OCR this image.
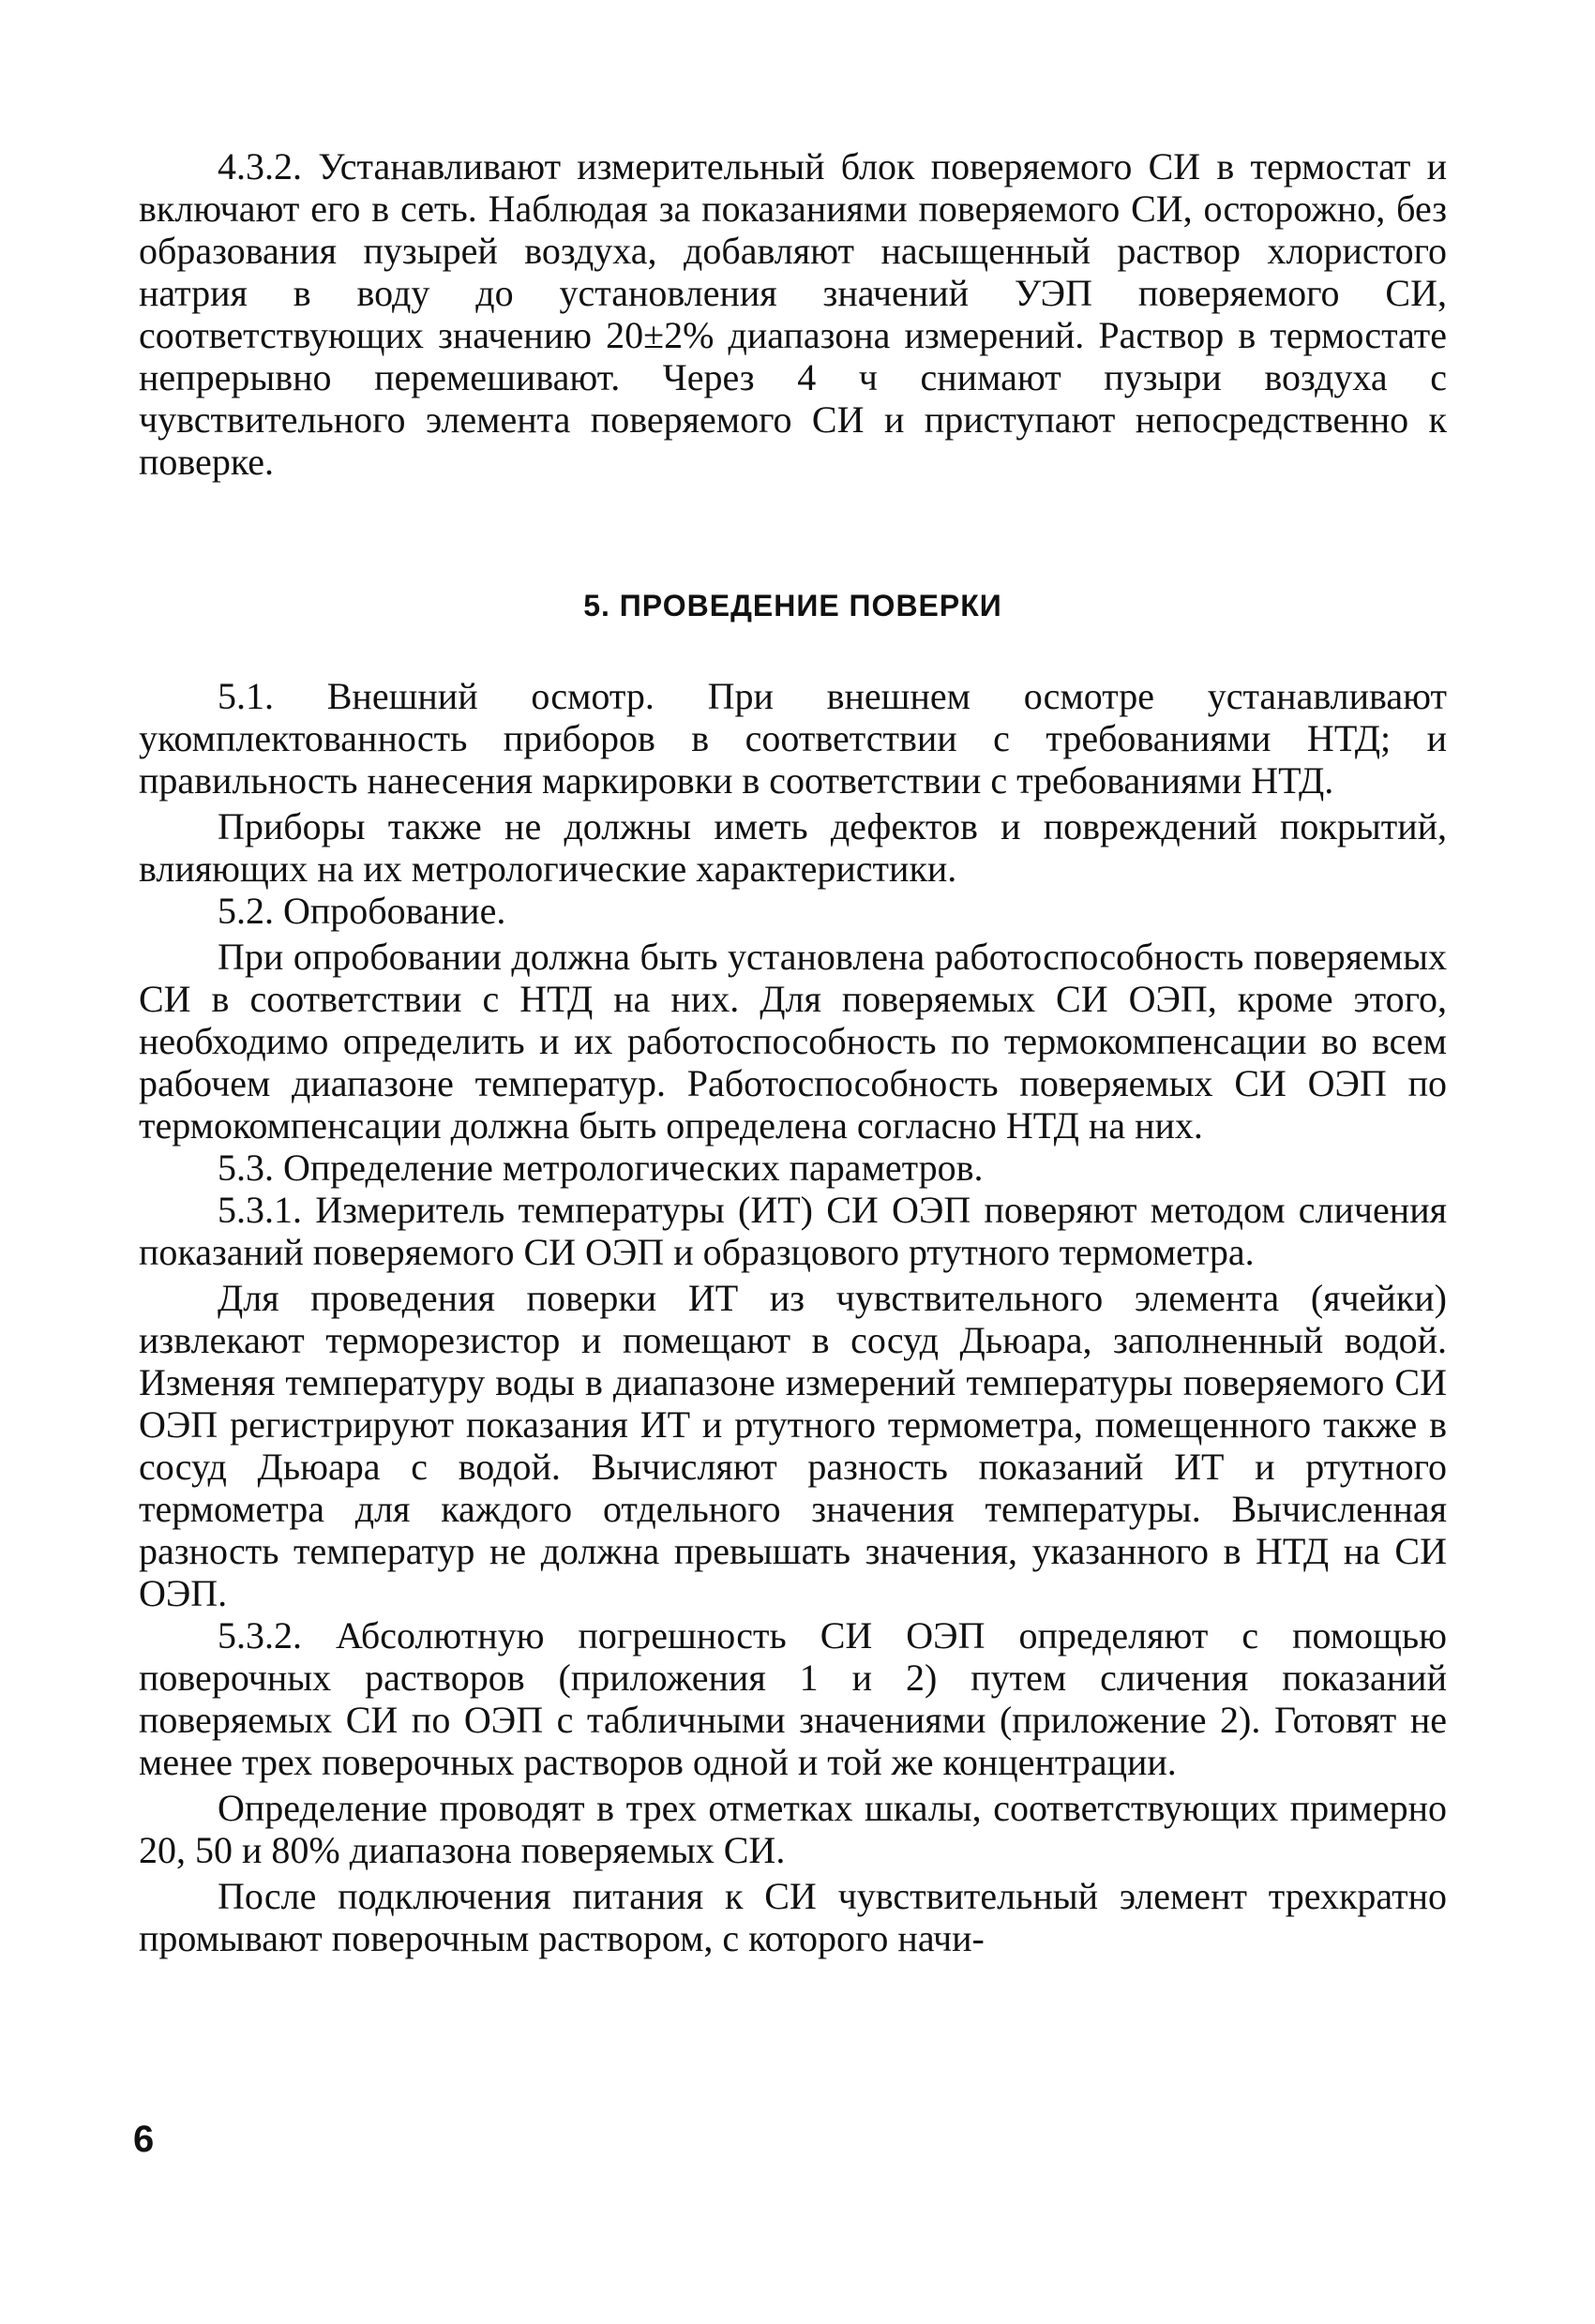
4.3.2. Устанавливают измерительный блок поверяемого СИ в термостат и включают его в сеть. Наблюдая за показаниями поверяемого СИ, осторожно, без образования пузырей воздуха, добавляют насыщенный раствор хлористого натрия в воду до установления значений УЭП поверяемого СИ, соответствующих значению 20±2% диапазона измерений. Раствор в термостате непрерывно перемешивают. Через 4 ч снимают пузыри воздуха с чувствительного элемента поверяемого СИ и приступают непосредственно к поверке.

5. ПРОВЕДЕНИЕ ПОВЕРКИ

5.1. Внешний осмотр. При внешнем осмотре устанавливают укомплектованность приборов в соответствии с требованиями НТД; и правильность нанесения маркировки в соответствии с требованиями НТД.

Приборы также не должны иметь дефектов и повреждений покрытий, влияющих на их метрологические характеристики.

5.2. Опробование.

При опробовании должна быть установлена работоспособность поверяемых СИ в соответствии с НТД на них. Для поверяемых СИ ОЭП, кроме этого, необходимо определить и их работоспособность по термокомпенсации во всем рабочем диапазоне температур. Работоспособность поверяемых СИ ОЭП по термокомпенсации должна быть определена согласно НТД на них.

5.3. Определение метрологических параметров.

5.3.1. Измеритель температуры (ИТ) СИ ОЭП поверяют методом сличения показаний поверяемого СИ ОЭП и образцового ртутного термометра.

Для проведения поверки ИТ из чувствительного элемента (ячейки) извлекают терморезистор и помещают в сосуд Дьюара, заполненный водой. Изменяя температуру воды в диапазоне измерений температуры поверяемого СИ ОЭП регистрируют показания ИТ и ртутного термометра, помещенного также в сосуд Дьюара с водой. Вычисляют разность показаний ИТ и ртутного термометра для каждого отдельного значения температуры. Вычисленная разность температур не должна превышать значения, указанного в НТД на СИ ОЭП.

5.3.2. Абсолютную погрешность СИ ОЭП определяют с помощью поверочных растворов (приложения 1 и 2) путем сличения показаний поверяемых СИ по ОЭП с табличными значениями (приложение 2). Готовят не менее трех поверочных растворов одной и той же концентрации.

Определение проводят в трех отметках шкалы, соответствующих примерно 20, 50 и 80% диапазона поверяемых СИ.

После подключения питания к СИ чувствительный элемент трехкратно промывают поверочным раствором, с которого начи-

6
